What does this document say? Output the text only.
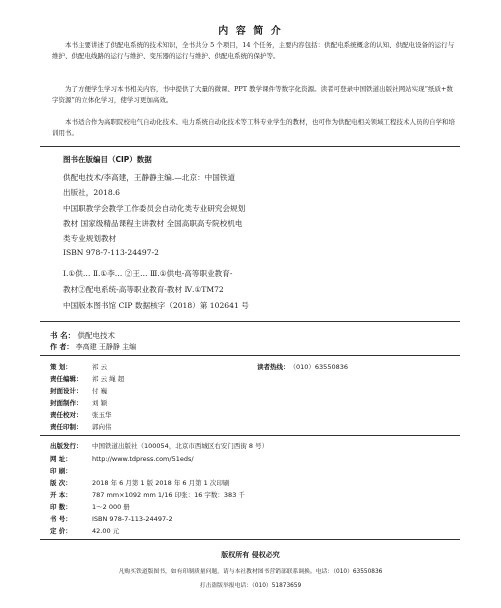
内 容 简 介
本书主要讲述了供配电系统的技术知识，全书共分 5 个项目，14 个任务，主要内容包括：供配电系统概念的认知、供配电设备的运行与维护、供配电线路的运行与维护、变压器的运行与维护、供配电系统的保护等。
为了方便学生学习本书相关内容，书中提供了大量的微课、PPT 教学课件等数字化资源。读者可登录中国铁道出版社网站实现“纸质+数字资源”的立体化学习，使学习更加高效。
本书适合作为高职院校电气自动化技术、电力系统自动化技术等工科专业学生的教材，也可作为供配电相关领域工程技术人员的自学和培训用书。
图书在版编目（CIP）数据
供配电技术/李高建，王静静主编.—北京：中国铁道
出版社，2018.6
中国职教学会教学工作委员会自动化类专业研究会规划
教材 国家级精品课程主讲教材 全国高职高专院校机电
类专业规划教材
ISBN 978-7-113-24497-2
Ⅰ.①供… Ⅱ.①李… ②王… Ⅲ.①供电-高等职业教育-
教材②配电系统-高等职业教育-教材 Ⅳ.①TM72
中国版本图书馆 CIP 数据核字（2018）第 102641 号
书 名： 供配电技术
作 者： 李高建 王静静 主编
策 划：	祁 云	读者热线：（010）63550836
责任编辑： 祁 云 绳 超
封面设计： 付 巍
封面制作： 刘 颖
责任校对： 张玉华
责任印制： 郭向伟
出版发行： 中国铁道出版社（100054，北京市西城区右安门西街 8 号）
网 址：	http://www.tdpress.com/51eds/
印 刷：
版 次：	2018 年 6 月第 1 版 2018 年 6 月第 1 次印刷
开 本：	787 mm×1092 mm 1/16 印张：16 字数：383 千
印 数：	1～2 000 册
书 号：	ISBN 978-7-113-24497-2
定 价：	42.00 元
版权所有 侵权必究
凡购买铁道版图书，如有印制质量问题，请与本社教材图书营销部联系调换。电话：（010）63550836
打击盗版举报电话：（010）51873659
